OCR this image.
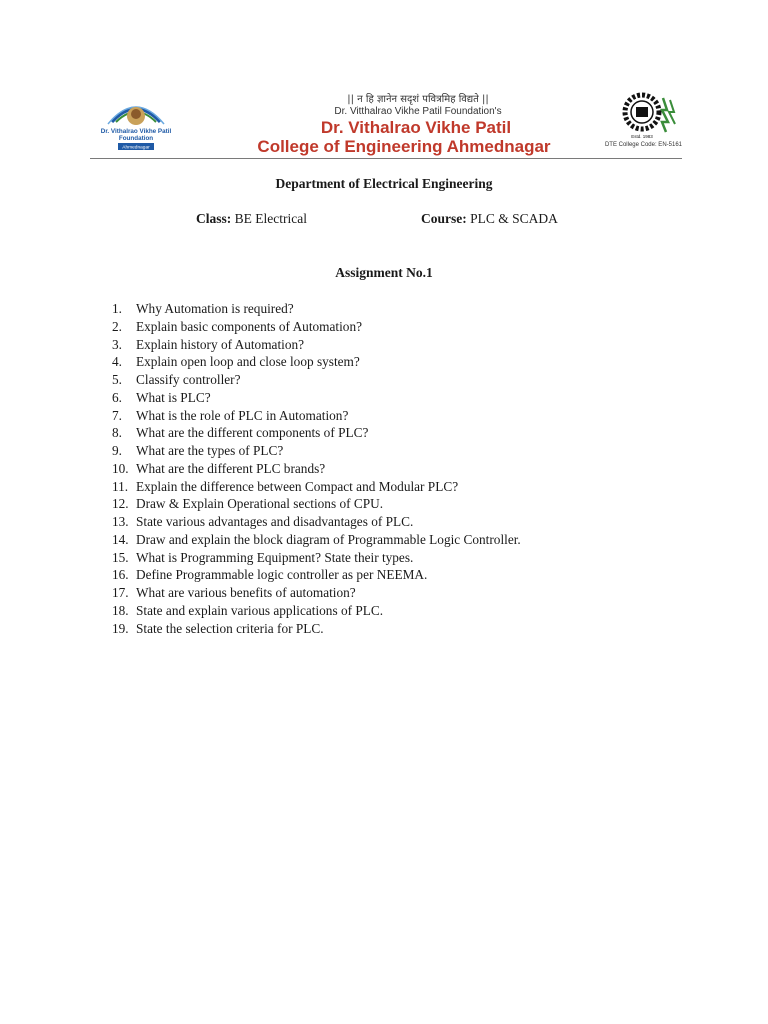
Dr. Vithalrao Vikhe Patil
Foundation
Ahmednagar
|| न हि ज्ञानेन सदृशं पवित्रमिह विद्यते ||
Dr. Vitthalrao Vikhe Patil Foundation's
Dr. Vithalrao Vikhe Patil
College of Engineering Ahmednagar
Estd. 1983
DTE College Code: EN-5161
Department of Electrical Engineering
Class: BE Electrical	Course: PLC & SCADA
Assignment No.1
1. Why Automation is required?
2. Explain basic components of Automation?
3. Explain history of Automation?
4. Explain open loop and close loop system?
5. Classify controller?
6. What is PLC?
7. What is the role of PLC in Automation?
8. What are the different components of PLC?
9. What are the types of PLC?
10. What are the different PLC brands?
11. Explain the difference between Compact and Modular PLC?
12. Draw & Explain Operational sections of CPU.
13. State various advantages and disadvantages of PLC.
14. Draw and explain the block diagram of Programmable Logic Controller.
15. What is Programming Equipment? State their types.
16. Define Programmable logic controller as per NEEMA.
17. What are various benefits of automation?
18. State and explain various applications of PLC.
19. State the selection criteria for PLC.
